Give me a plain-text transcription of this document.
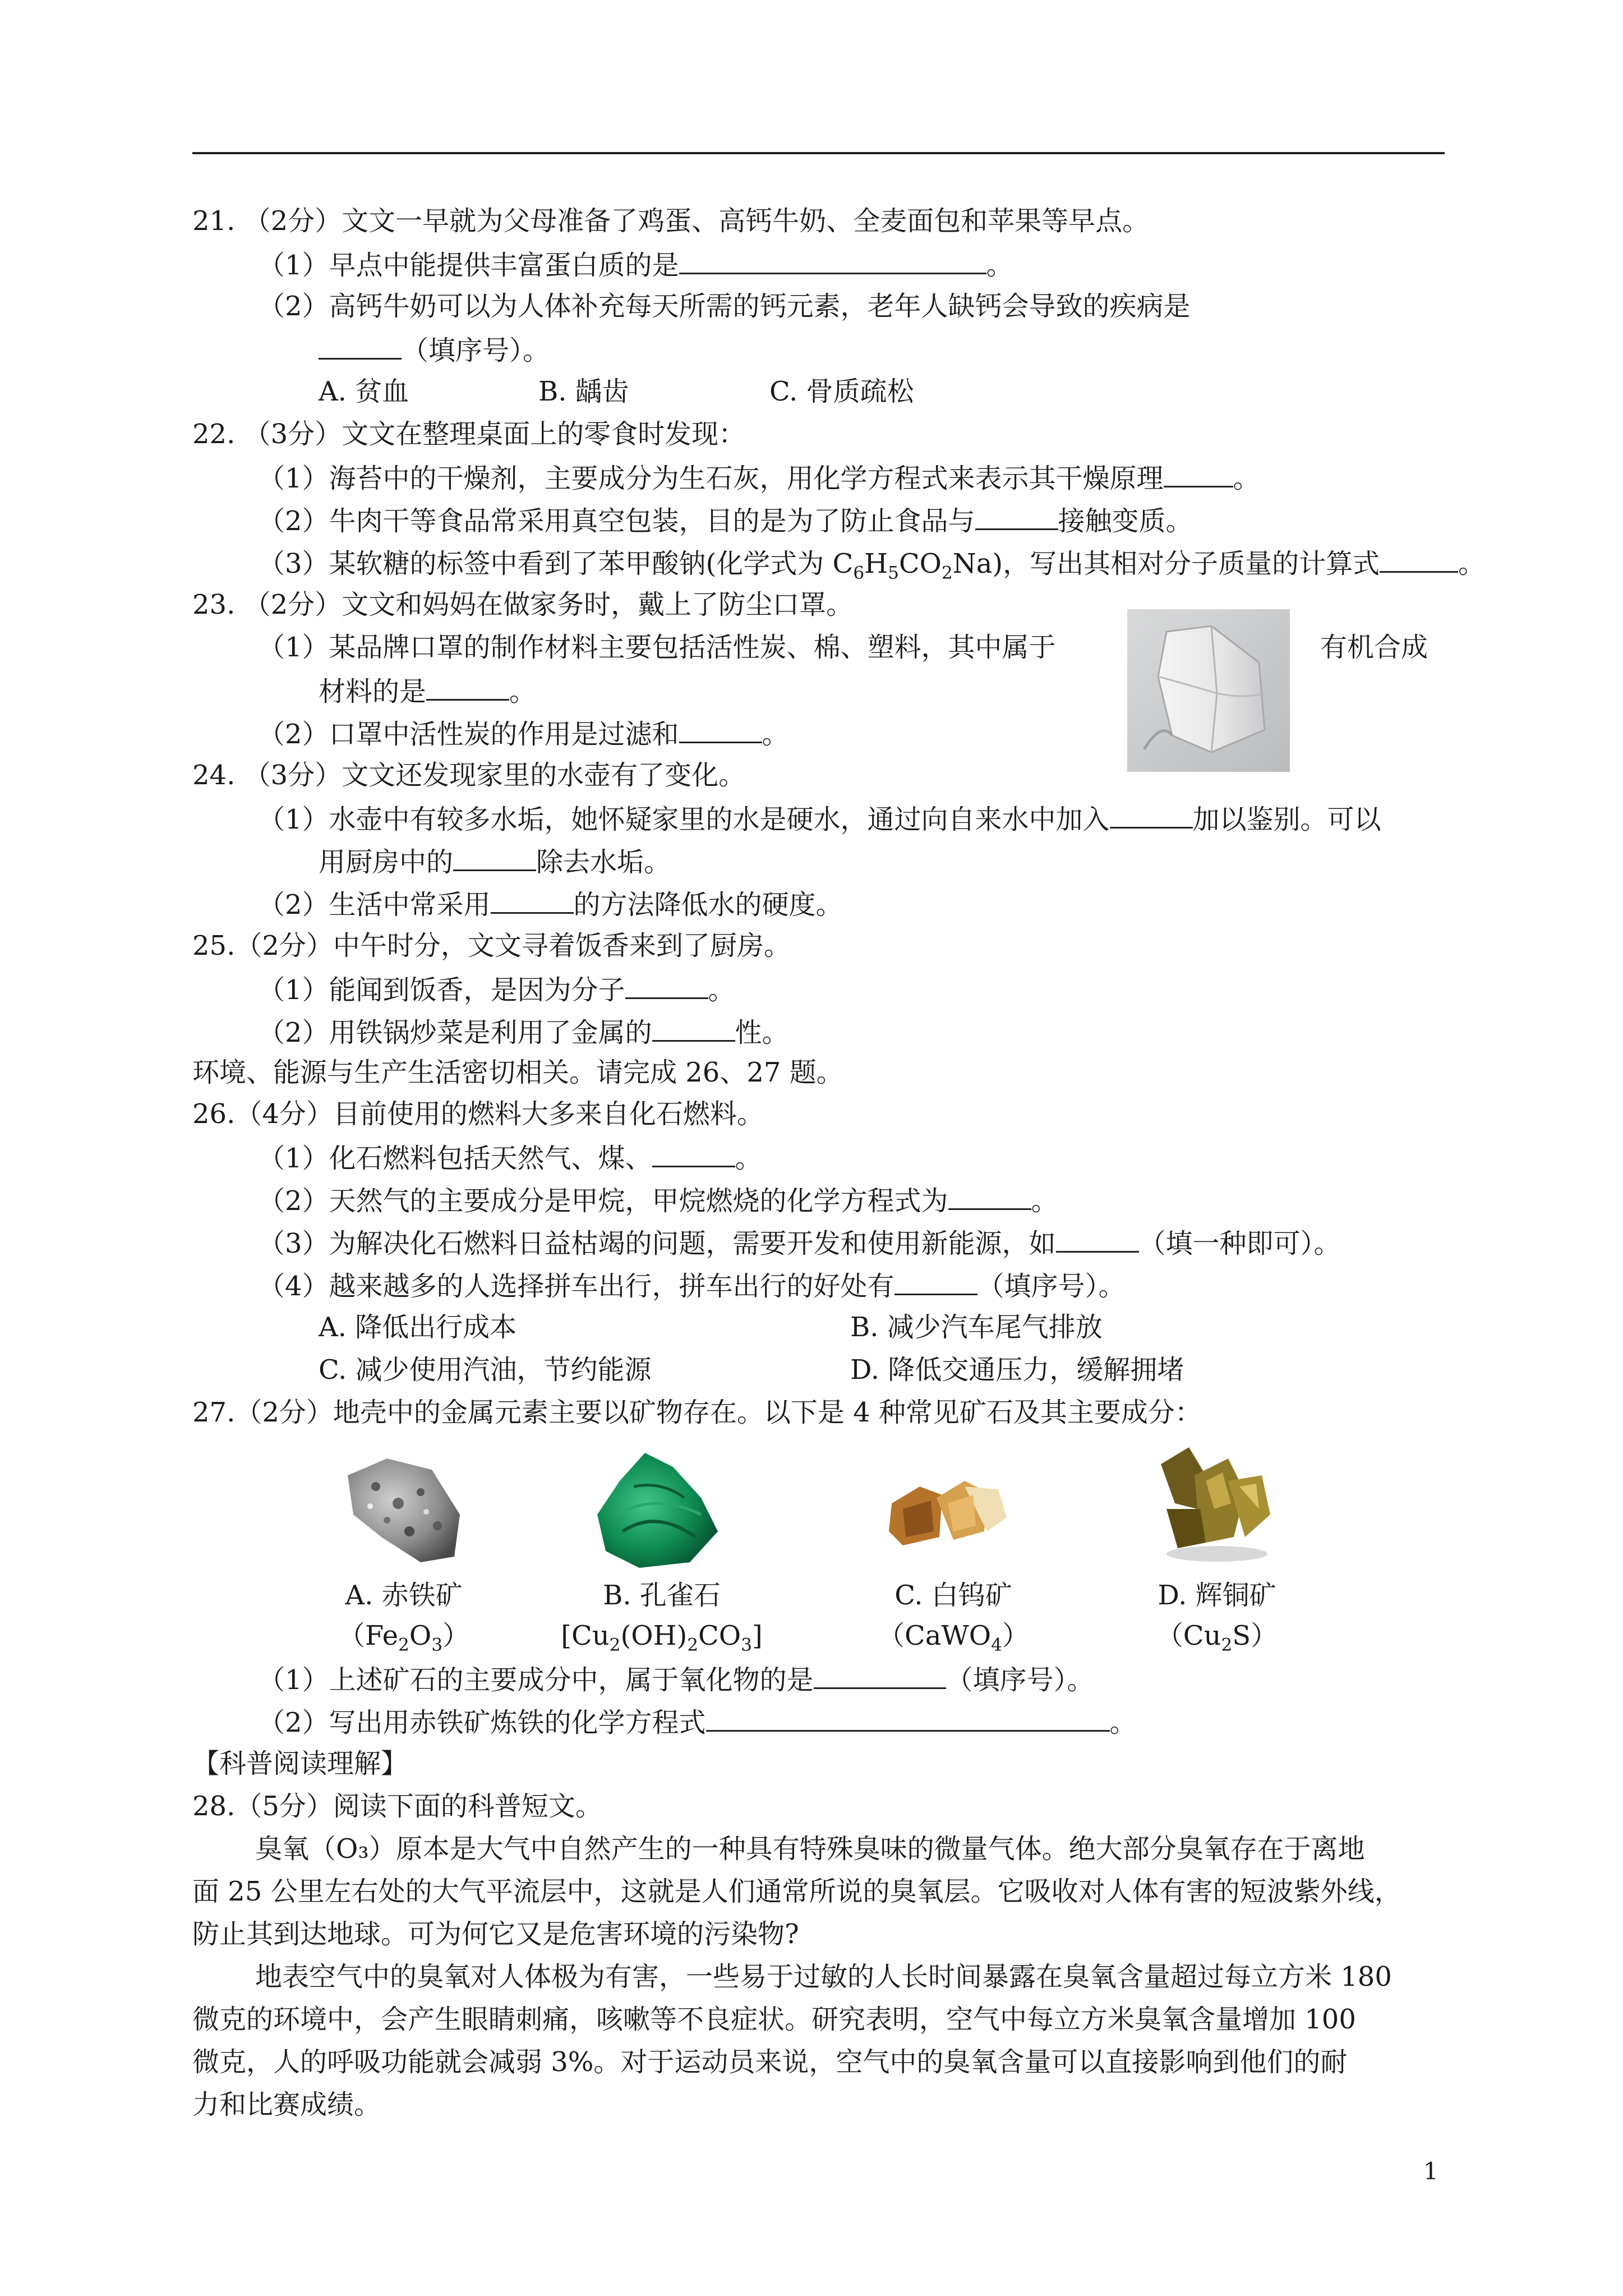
21. （2分）文文一早就为父母准备了鸡蛋、高钙牛奶、全麦面包和苹果等早点。
（1）早点中能提供丰富蛋白质的是	。
（2）高钙牛奶可以为人体补充每天所需的钙元素，老年人缺钙会导致的疾病是
（填序号）。
A. 贫血	B. 龋齿	C. 骨质疏松
22. （3分）文文在整理桌面上的零食时发现：
（1）海苔中的干燥剂，主要成分为生石灰，用化学方程式来表示其干燥原理	。
（2）牛肉干等食品常采用真空包装，目的是为了防止食品与	接触变质。
（3）某软糖的标签中看到了苯甲酸钠(化学式为 $C_6H_5CO_2Na$)，写出其相对分子质量的计算式	。
23. （2分）文文和妈妈在做家务时，戴上了防尘口罩。
（1）某品牌口罩的制作材料主要包括活性炭、棉、塑料，其中属于	有机合成
材料的是	。
（2）口罩中活性炭的作用是过滤和	。
24. （3分）文文还发现家里的水壶有了变化。
（1）水壶中有较多水垢，她怀疑家里的水是硬水，通过向自来水中加入	加以鉴别。可以
用厨房中的	除去水垢。
（2）生活中常采用	的方法降低水的硬度。
25.（2分）中午时分，文文寻着饭香来到了厨房。
（1）能闻到饭香，是因为分子	。
（2）用铁锅炒菜是利用了金属的	性。
环境、能源与生产生活密切相关。请完成 26、27 题。
26.（4分）目前使用的燃料大多来自化石燃料。
（1）化石燃料包括天然气、煤、	。
（2）天然气的主要成分是甲烷，甲烷燃烧的化学方程式为	。
（3）为解决化石燃料日益枯竭的问题，需要开发和使用新能源，如	（填一种即可）。
（4）越来越多的人选择拼车出行，拼车出行的好处有	（填序号）。
A. 降低出行成本	B. 减少汽车尾气排放
C. 减少使用汽油，节约能源	D. 降低交通压力，缓解拥堵
27.（2分）地壳中的金属元素主要以矿物存在。以下是 4 种常见矿石及其主要成分：
A. 赤铁矿
$(Fe_2O_3)$
B. 孔雀石
$[Cu_2(OH)_2CO_3]$
C. 白钨矿
（CaWO$_4$）
D. 辉铜矿
$(Cu_2S)$
（1）上述矿石的主要成分中，属于氧化物的是	（填序号）。
（2）写出用赤铁矿炼铁的化学方程式	。
【科普阅读理解】
28.（5分）阅读下面的科普短文。
臭氧（O₃）原本是大气中自然产生的一种具有特殊臭味的微量气体。绝大部分臭氧存在于离地
面 25 公里左右处的大气平流层中，这就是人们通常所说的臭氧层。它吸收对人体有害的短波紫外线，
防止其到达地球。可为何它又是危害环境的污染物?
地表空气中的臭氧对人体极为有害，一些易于过敏的人长时间暴露在臭氧含量超过每立方米 180
微克的环境中，会产生眼睛刺痛，咳嗽等不良症状。研究表明，空气中每立方米臭氧含量增加 100
微克，人的呼吸功能就会减弱 3%。对于运动员来说，空气中的臭氧含量可以直接影响到他们的耐
力和比赛成绩。
1
